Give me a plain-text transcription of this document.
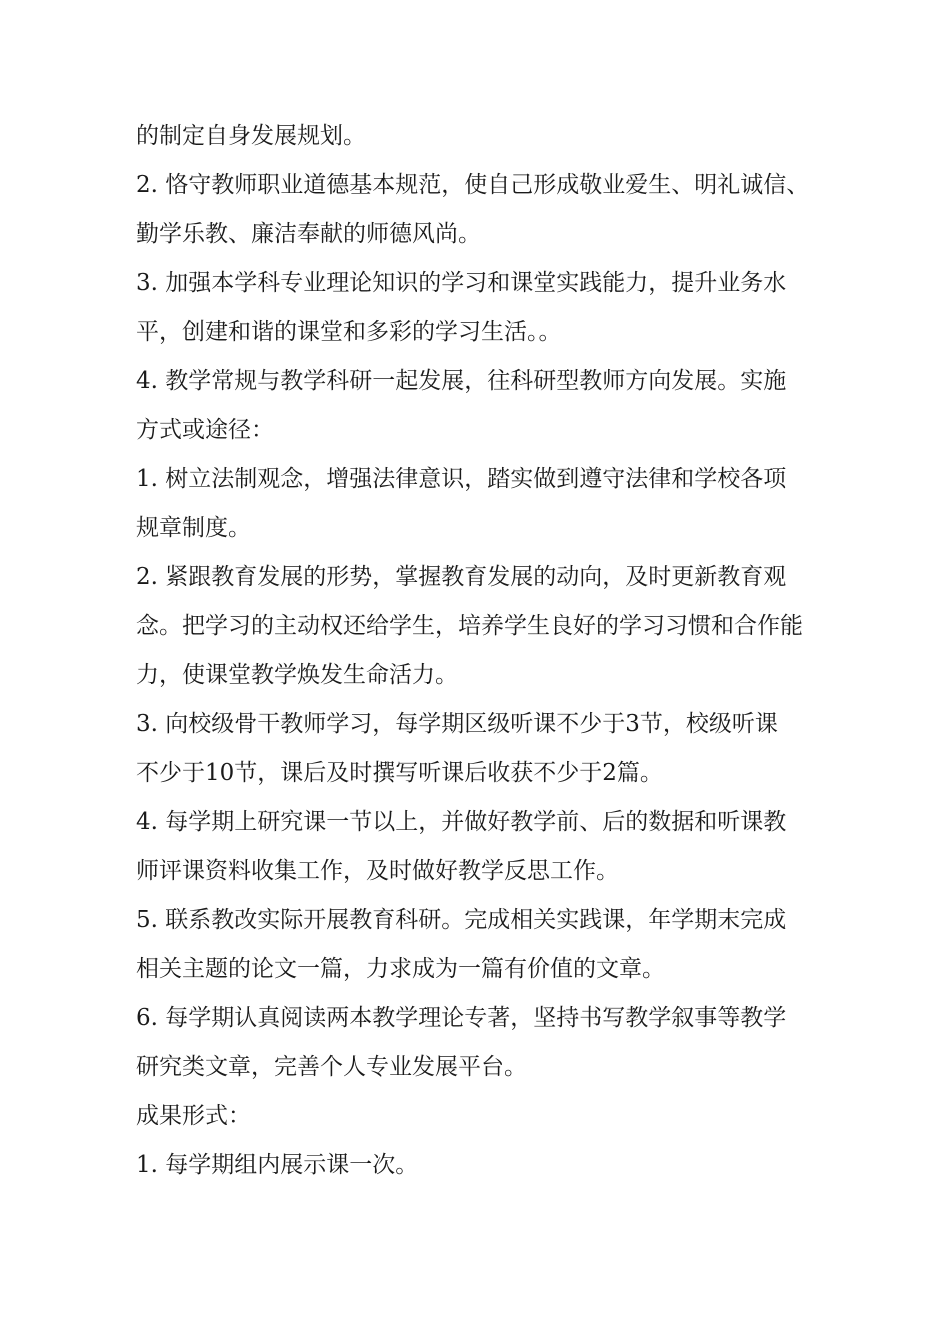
的制定自身发展规划。
2. 恪守教师职业道德基本规范，使自己形成敬业爱生、明礼诚信、
勤学乐教、廉洁奉献的师德风尚。
3. 加强本学科专业理论知识的学习和课堂实践能力，提升业务水
平，创建和谐的课堂和多彩的学习生活。。
4. 教学常规与教学科研一起发展，往科研型教师方向发展。实施
方式或途径：
1. 树立法制观念，增强法律意识，踏实做到遵守法律和学校各项
规章制度。
2. 紧跟教育发展的形势，掌握教育发展的动向，及时更新教育观
念。把学习的主动权还给学生，培养学生良好的学习习惯和合作能
力，使课堂教学焕发生命活力。
3. 向校级骨干教师学习，每学期区级听课不少于3节，校级听课
不少于10节，课后及时撰写听课后收获不少于2篇。
4. 每学期上研究课一节以上，并做好教学前、后的数据和听课教
师评课资料收集工作，及时做好教学反思工作。
5. 联系教改实际开展教育科研。完成相关实践课，年学期末完成
相关主题的论文一篇，力求成为一篇有价值的文章。
6. 每学期认真阅读两本教学理论专著，坚持书写教学叙事等教学
研究类文章，完善个人专业发展平台。
成果形式：
1. 每学期组内展示课一次。
